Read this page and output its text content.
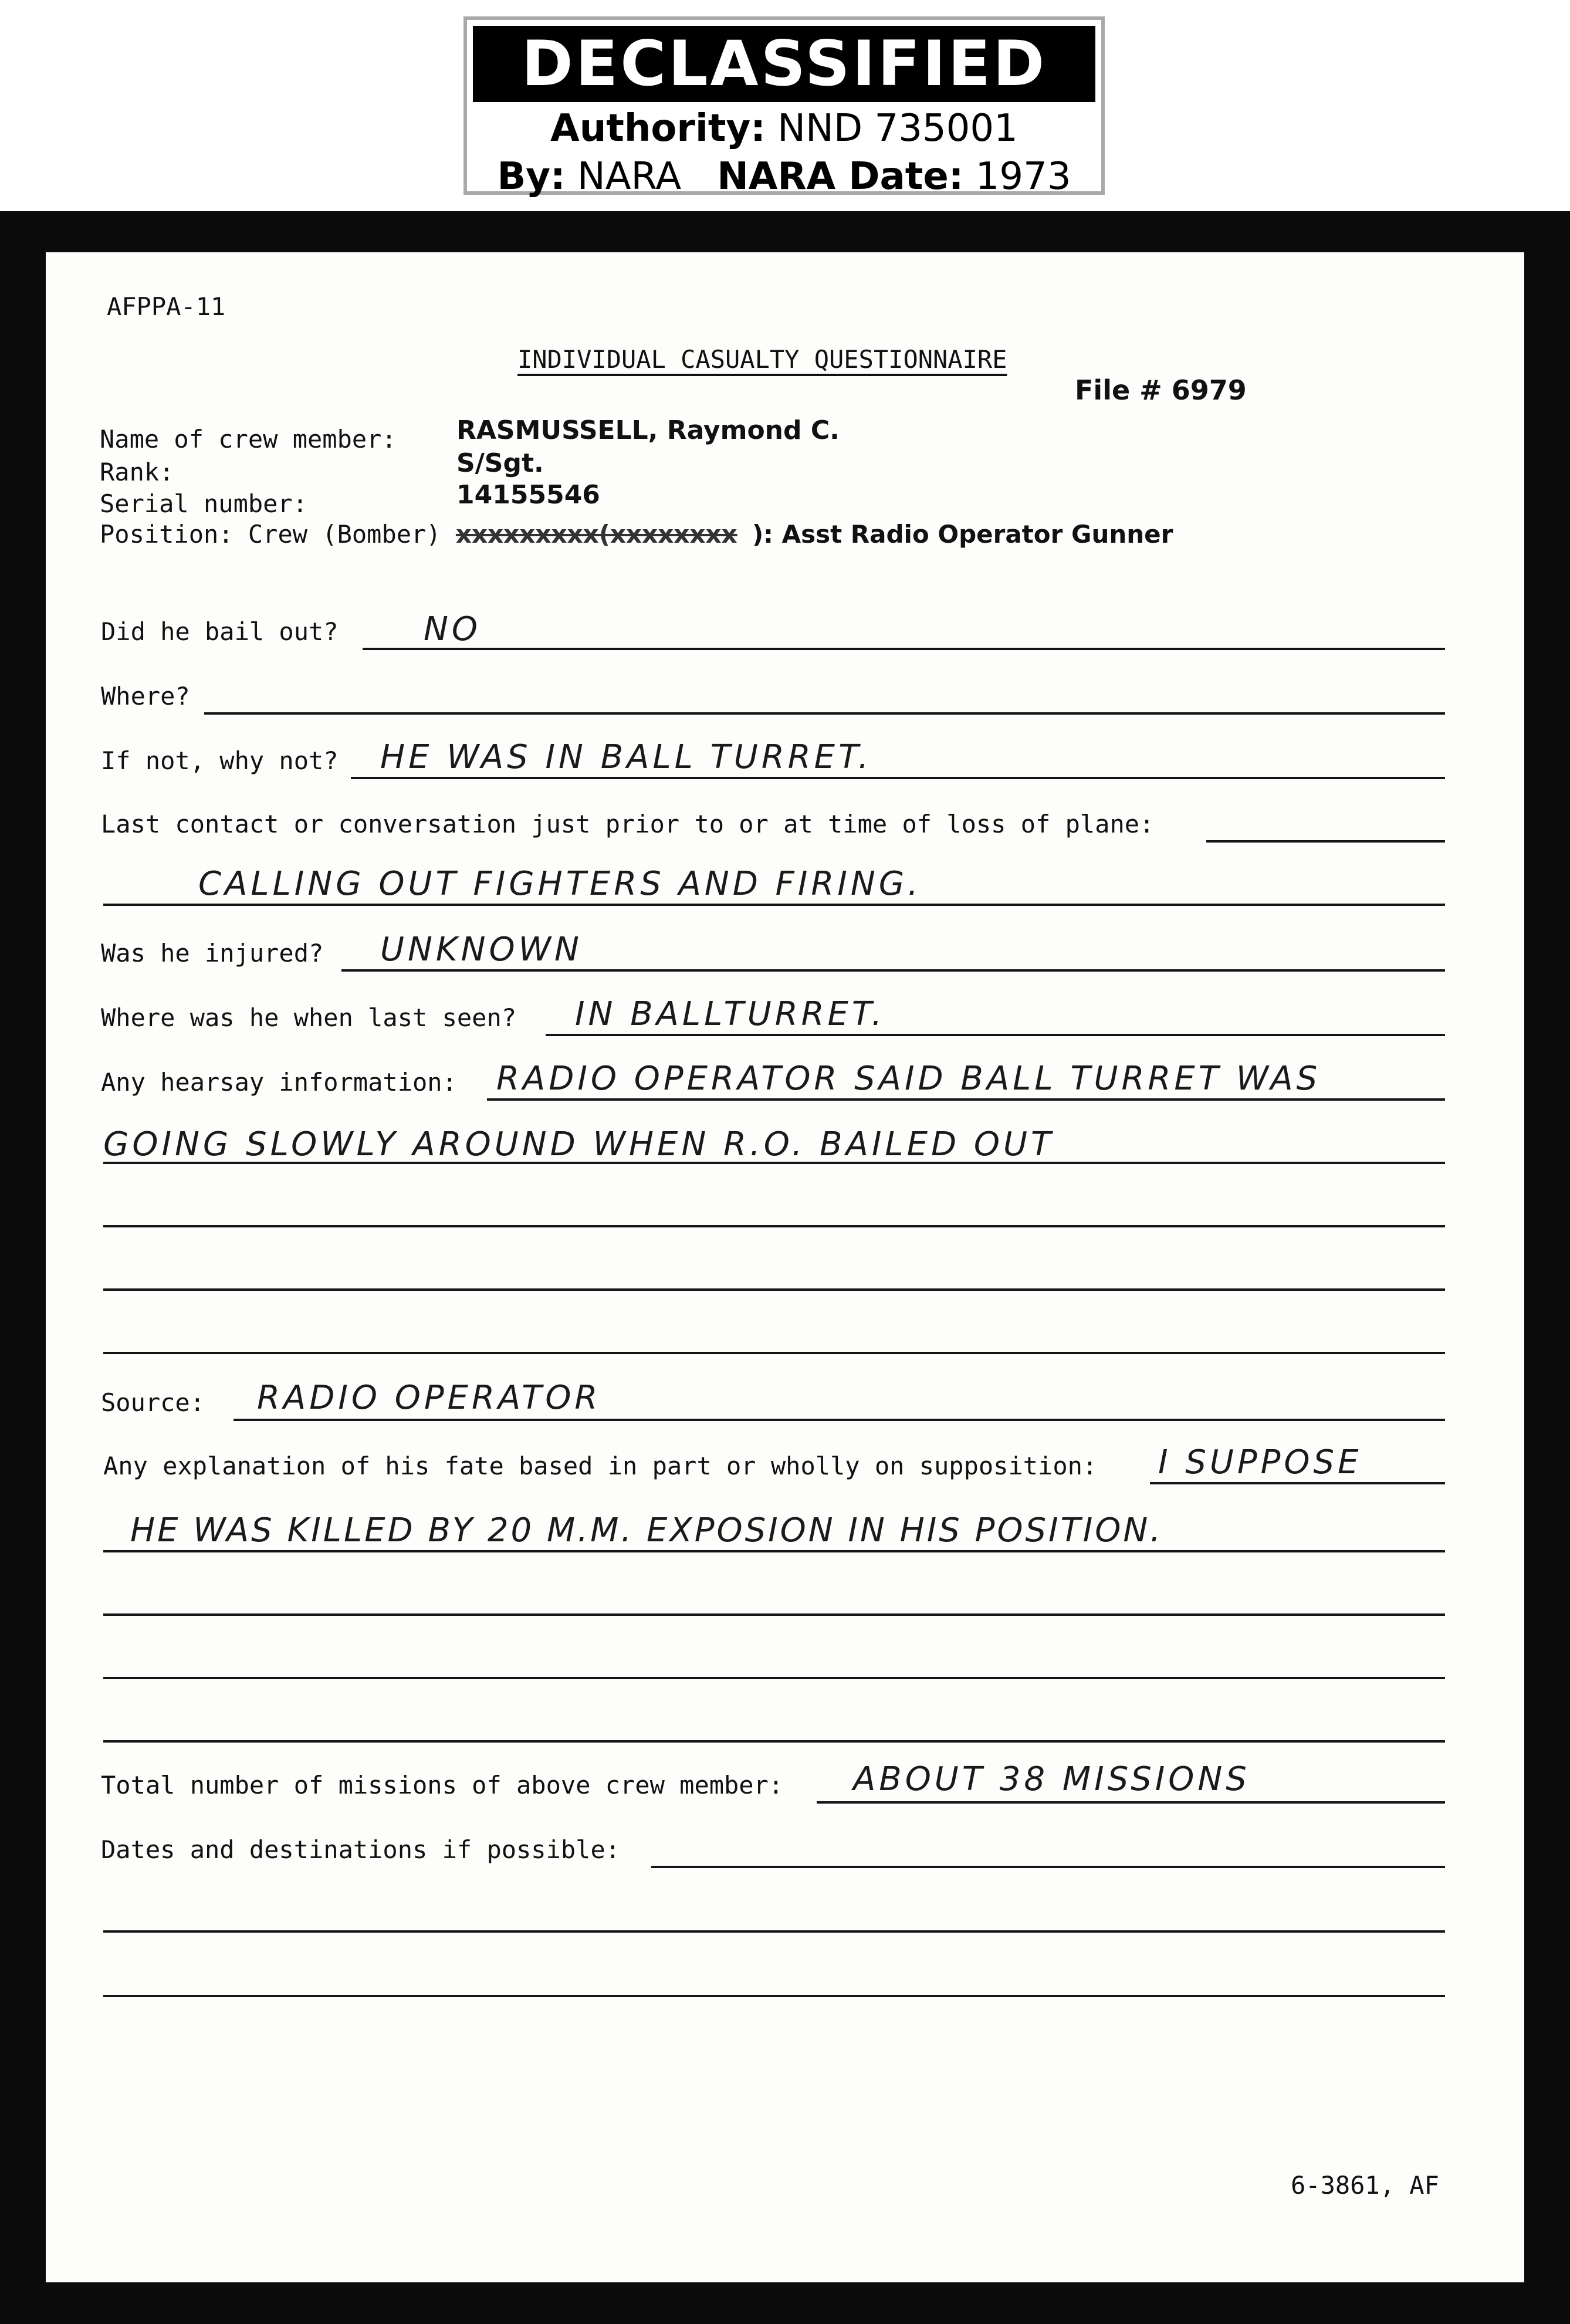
DECLASSIFIED
Authority: NND 735001
By: NARA NARA Date: 1973
AFPPA-11
INDIVIDUAL CASUALTY QUESTIONNAIRE
File # 6979
Name of crew member: RASMUSSELL, Raymond C.
Rank:	S/Sgt.
Serial number:	14155546
Position: Crew (Bomber) xxxxxxxxx(xxxxxxxx ): Asst Radio Operator Gunner
Did he bail out?	NO
Where?
If not, why not? HE WAS IN BALL TURRET.
Last contact or conversation just prior to or at time of loss of plane:
CALLING OUT FIGHTERS AND FIRING.
Was he injured? UNKNOWN
Where was he when last seen? IN BALLTURRET.
Any hearsay information: RADIO OPERATOR SAID BALL TURRET WAS
GOING SLOWLY AROUND WHEN R.O. BAILED OUT
Source: RADIO OPERATOR
Any explanation of his fate based in part or wholly on supposition: I SUPPOSE
HE WAS KILLED BY 20 M.M. EXPOSION IN HIS POSITION.
Total number of missions of above crew member: ABOUT 38 MISSIONS
Dates and destinations if possible:
6-3861, AF
